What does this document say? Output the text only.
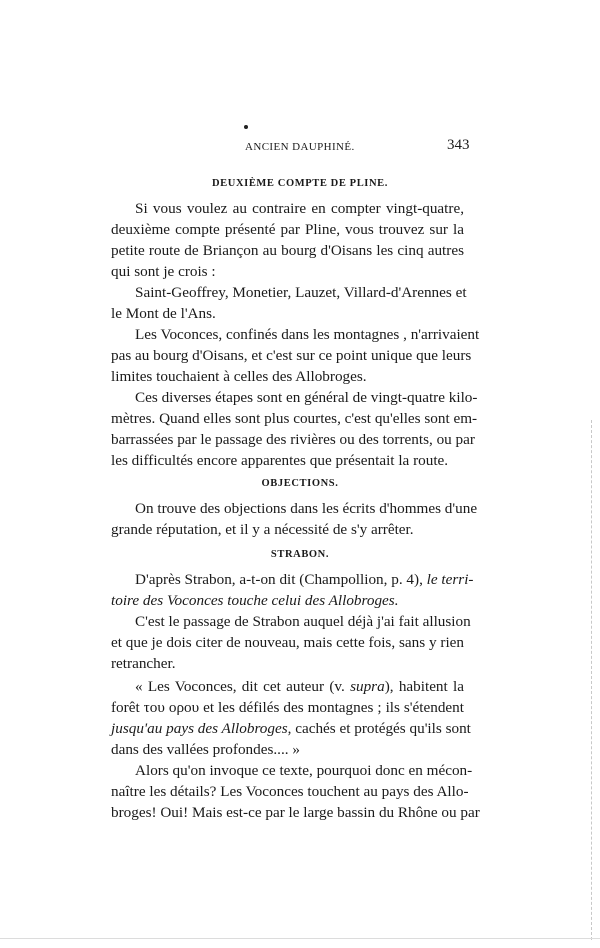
ANCIEN DAUPHINÉ.	343
DEUXIÈME COMPTE DE PLINE.
Si vous voulez au contraire en compter vingt-quatre,
deuxième compte présenté par Pline, vous trouvez sur la
petite route de Briançon au bourg d'Oisans les cinq autres
qui sont je crois :
Saint-Geoffrey, Monetier, Lauzet, Villard-d'Arennes et
le Mont de l'Ans.
Les Voconces, confinés dans les montagnes , n'arrivaient
pas au bourg d'Oisans, et c'est sur ce point unique que leurs
limites touchaient à celles des Allobroges.
Ces diverses étapes sont en général de vingt-quatre kilo-
mètres. Quand elles sont plus courtes, c'est qu'elles sont em-
barrassées par le passage des rivières ou des torrents, ou par
les difficultés encore apparentes que présentait la route.
OBJECTIONS.
On trouve des objections dans les écrits d'hommes d'une
grande réputation, et il y a nécessité de s'y arrêter.
STRABON.
D'après Strabon, a-t-on dit (Champollion, p. 4), le terri-
toire des Voconces touche celui des Allobroges.
C'est le passage de Strabon auquel déjà j'ai fait allusion
et que je dois citer de nouveau, mais cette fois, sans y rien
retrancher.
« Les Voconces, dit cet auteur (v. supra), habitent la
forêt του ορου et les défilés des montagnes ; ils s'étendent
jusqu'au pays des Allobroges, cachés et protégés qu'ils sont
dans des vallées profondes.... »
Alors qu'on invoque ce texte, pourquoi donc en mécon-
naître les détails? Les Voconces touchent au pays des Allo-
broges! Oui! Mais est-ce par le large bassin du Rhône ou par
